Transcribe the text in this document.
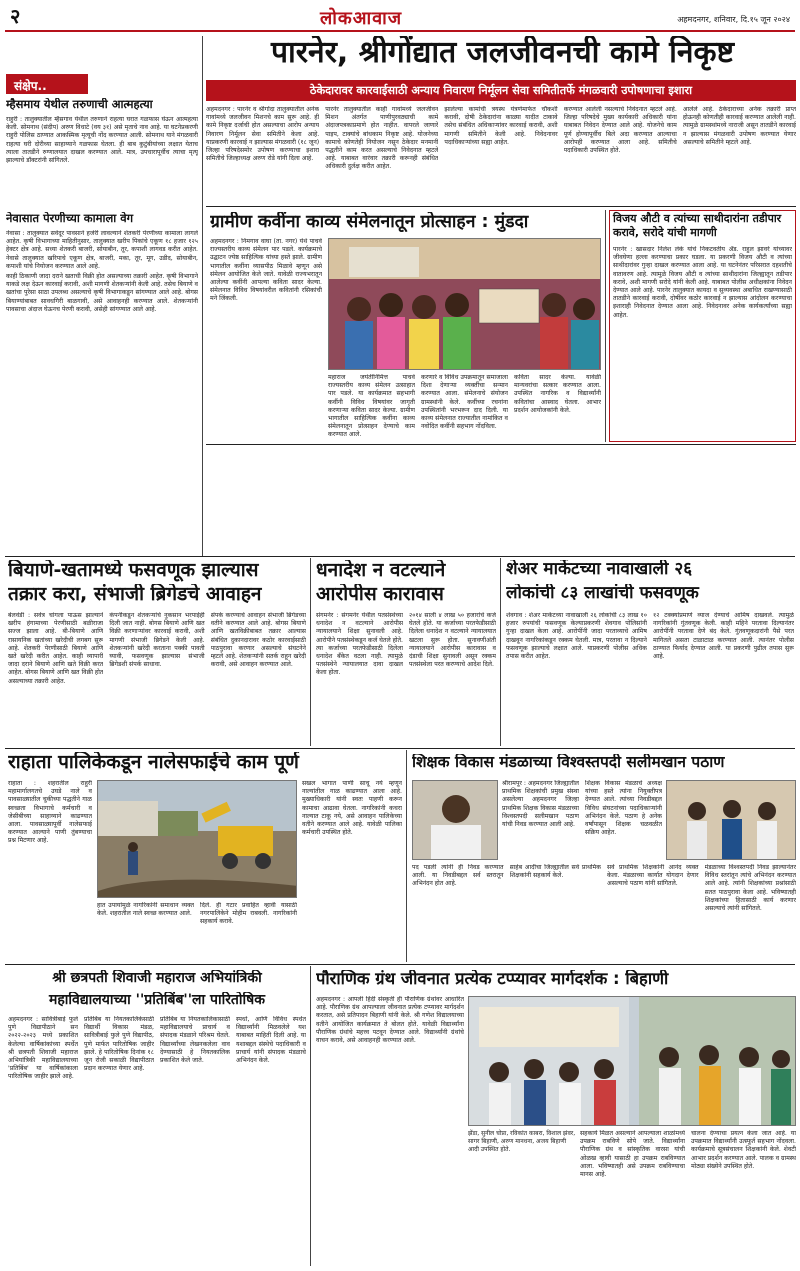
२	लोकआवाज	अहमदनगर, शनिवार, दि.१५ जून २०२४
संक्षेप..
म्हैसमाय येथील तरुणाची आत्महत्या
राहुरी : तालुक्यातील म्हैसगाव येथील तरुणाने राहत्या घरात गळफास घेऊन आत्महत्या केली. सोमनाथ (संदीप) अरुण विधाटे (वय ३१) असे मृताचे नाव आहे. या घटनेप्रकरणी राहुरी पोलिस ठाण्यात आकस्मिक मृत्यूची नोंद करण्यात आली. सोमनाथ याने मंगळवारी राहत्या घरी दोरीच्या साहाय्याने गळफास घेतला. ही बाब कुटुंबीयांच्या लक्षात येताच त्याला तातडीने रुग्णालयात दाखल करण्यात आले. मात्र, उपचारापूर्वीच त्याचा मृत्यू झाल्याचे डॉक्टरांनी सांगितले.
नेवासात पेरणीच्या कामाला वेग

नेवासा : तालुक्यात सर्वदूर पावसाने हजेरी लावल्याने शेतकरी पेरणीच्या कामाला लागले आहेत. कृषी विभागाच्या माहितीनुसार, तालुक्यात खरीप पिकांचे एकूण १८ हजार १२५ हेक्टर क्षेत्र आहे. सध्या शेतकरी बाजरी, सोयाबीन, तूर, कपाशी लागवड करीत आहेत. नेवासे तालुक्यात खरिपाचे एकूण क्षेत्र, बाजरी, मका, तूर, मूग, उडीद, सोयाबीन, कपाशी यांचे नियोजन करण्यात आले आहे.

काही ठिकाणी जादा दराने खताची विक्री होत असल्याच्या तक्रारी आहेत. कृषी विभागाने याकडे लक्ष देऊन कारवाई करावी, अशी मागणी शेतकऱ्यांनी केली आहे. तसेच बियाणे व खतांचा पुरेसा साठा उपलब्ध असल्याचे कृषी विभागाकडून सांगण्यात आले आहे. बोगस बियाण्यांबाबत सावधगिरी बाळगावी, असे आवाहनही करण्यात आले. शेतकऱ्यांनी पावसाचा अंदाज घेऊनच पेरणी करावी, असेही सांगण्यात आले आहे.

पारनेर, श्रीगोंद्यात जलजीवनची कामे निकृष्ट
ठेकेदारावर कारवाईसाठी अन्याय निवारण निर्मूलन सेवा समितीतर्फे मंगळवारी उपोषणाचा इशारा
अहमदनगर : पारनेर व श्रीगोंदा तालुक्यातील अनेक गावांमध्ये जलजीवन मिशनचे काम सुरू आहे. ही कामे निकृष्ट दर्जाची होत असल्याचा आरोप अन्याय निवारण निर्मूलन सेवा समितीने केला आहे. याप्रकरणी कारवाई न झाल्यास मंगळवारी (१८ जून) जिल्हा परिषदेसमोर उपोषण करण्याचा इशारा समितीचे जिल्हाध्यक्ष अरुण रोडे यांनी दिला आहे.
पारनेर तालुक्यातील काही गावांमध्ये जलजीवन मिशन अंतर्गत पाणीपुरवठ्याची कामे अंदाजपत्रकाप्रमाणे होत नाहीत. वापरले जाणारे पाइप, टाक्यांचे बांधकाम निकृष्ट आहे. योजनेच्या कामाचे कोणतेही नियोजन नसून ठेकेदार मनमानी पद्धतीने काम करत असल्याचे निवेदनात म्हटले आहे. याबाबत वारंवार तक्रारी करूनही संबंधित अधिकारी दुर्लक्ष करीत आहेत.
झालेल्या कामांची त्रयस्थ यंत्रणेमार्फत चौकशी करावी, दोषी ठेकेदारांना काळ्या यादीत टाकावे तसेच संबंधित अधिकाऱ्यांवर कारवाई करावी, अशी मागणी समितीने केली आहे. निवेदनावर पदाधिकाऱ्यांच्या सह्या आहेत.
करण्यात आलेली नसल्याचे निवेदनात म्हटले आहे. जिल्हा परिषदेचे मुख्य कार्यकारी अधिकारी यांना याबाबत निवेदन देण्यात आले आहे. योजनेचे काम पूर्ण होण्यापूर्वीच बिले अदा करण्यात आल्याचा आरोपही करण्यात आला आहे. समितीचे पदाधिकारी उपस्थित होते.
आलेले आहे. ठेकेदाराच्या अनेक तक्रारी प्राप्त होऊनही कोणतीही कारवाई करण्यात आलेली नाही. त्यामुळे ग्रामस्थांमध्ये नाराजी असून तातडीने कारवाई न झाल्यास मंगळवारी उपोषण करण्यात येणार असल्याचे समितीने म्हटले आहे.
ग्रामीण कवींना काव्य संमेलनातून प्रोत्साहन : मुंडदा
अहमदनगर : निमगाव वाघा (ता. नगर) येथे पाचवे राज्यस्तरीय काव्य संमेलन पार पडले. कार्यक्रमाचे उद्घाटन ज्येष्ठ साहित्यिक यांच्या हस्ते झाले. ग्रामीण भागातील कवींना व्यासपीठ मिळावे म्हणून असे संमेलन आयोजित केले जाते. यावेळी राज्यभरातून आलेल्या कवींनी आपल्या कविता सादर केल्या. संमेलनात विविध विषयांवरील कवितांनी रसिकांची मने जिंकली.
महाराज जयंतीनिमित्त पाचवे राज्यस्तरीय काव्य संमेलन उत्साहात पार पडले. या कार्यक्रमात सहभागी कवींनी विविध विषयांवर जागृती करणाऱ्या कविता सादर केल्या. ग्रामीण भागातील साहित्यिक कवींना काव्य संमेलनातून प्रोत्साहन देण्याचे काम करण्यात आले.
करणारे व विविध उपक्रमातून समाजाला दिशा देणाऱ्या व्यक्तींचा सन्मान करण्यात आला. संमेलनाचे संयोजन ग्रामस्थांनी केले. कवींच्या रचनांना उपस्थितांनी भरभरून दाद दिली. या काव्य संमेलनात राज्यातील नामांकित व नवोदित कवींनी सहभाग नोंदविला.
कविता सादर केल्या. यावेळी मान्यवरांचा सत्कार करण्यात आला. उपस्थित नागरिक व विद्यार्थ्यांनी कवितांचा आस्वाद घेतला. आभार प्रदर्शन आयोजकांनी केले.
विजय औटी व त्यांच्या साथीदारांना तडीपार करावे, सरोदे यांची मागणी
पारनेर : खासदार निलेश लंके यांचे निकटवर्तीय ॲड. राहुल झावरे यांच्यावर जीवघेणा हल्ला करण्याचा प्रकार घडला. या प्रकरणी विजय औटी व त्यांच्या साथीदारांवर गुन्हा दाखल करण्यात आला आहे. या घटनेनंतर परिसरात दहशतीचे वातावरण आहे. त्यामुळे विजय औटी व त्यांच्या साथीदारांना जिल्ह्यातून तडीपार करावे, अशी मागणी सरोदे यांनी केली आहे. याबाबत पोलीस अधीक्षकांना निवेदन देण्यात आले आहे. पारनेर तालुक्यात कायदा व सुव्यवस्था अबाधित राखण्यासाठी तातडीने कारवाई करावी, दोषींवर कठोर कारवाई न झाल्यास आंदोलन करण्याचा इशाराही निवेदनात देण्यात आला आहे. निवेदनावर अनेक कार्यकर्त्यांच्या सह्या आहेत.
बियाणे-खतामध्ये फसवणूक झाल्यास
तक्रार करा, संभाजी ब्रिगेडचे आवाहन
बेलवंडी : सर्वत्र चांगला पाऊस झाल्याने खरीप हंगामाच्या पेरणीसाठी बळीराजा सज्ज झाला आहे. बी-बियाणे आणि रासायनिक खतांच्या खरेदीची लगबग सुरू आहे. शेतकरी पेरणीसाठी बियाणे आणि खते खरेदी करीत आहेत. काही व्यापारी जादा दराने बियाणे आणि खते विक्री करत आहेत. बोगस बियाणे आणि खत विक्री होत असल्याच्या तक्रारी आहेत.
कंपनीकडून शेतकऱ्यांचे नुकसान भरपाईही दिली जात नाही. बोगस बियाणे आणि खत विक्री करणाऱ्यांवर कारवाई करावी, अशी मागणी संभाजी ब्रिगेडने केली आहे. शेतकऱ्यांनी खरेदी करताना पक्की पावती घ्यावी, फसवणूक झाल्यास संभाजी ब्रिगेडशी संपर्क साधावा.
संपर्क करण्याचे आवाहन संभाजी ब्रिगेडच्या वतीने करण्यात आले आहे. बोगस बियाणे आणि खतविक्रीबाबत तक्रार आल्यास संबंधित दुकानदारावर कठोर कारवाईसाठी पाठपुरावा करणार असल्याचे संघटनेने म्हटले आहे. शेतकऱ्यांनी सतर्क राहून खरेदी करावी, असे आवाहन करण्यात आले.
धनादेश न वटल्याने
आरोपीस कारावास
संगमनेर : संगमनेर येथील पतसंस्थेच्या धनादेश न वटल्याने आरोपीस न्यायालयाने शिक्षा सुनावली आहे. आरोपीने पतसंस्थेकडून कर्ज घेतले होते. त्या कर्जाच्या परतफेडीसाठी दिलेला धनादेश बँकेत वटला नाही. त्यामुळे पतसंस्थेने न्यायालयात दावा दाखल केला होता.
२०१४ साली ४ लाख ५० हजारांचे कर्ज घेतले होते. या कर्जाच्या परतफेडीसाठी दिलेला धनादेश न वटल्याने न्यायालयात खटला सुरू होता. सुनावणीअंती न्यायालयाने आरोपीस कारावास व दंडाची शिक्षा सुनावली असून रक्कम पतसंस्थेला परत करण्याचे आदेश दिले.
शेअर मार्केटच्या नावाखाली २६
लोकांची ८३ लाखांची फसवणूक
शेवगाव : शेअर मार्केटच्या नावाखाली २६ लोकांची ८३ लाख १० हजार रुपयांची फसवणूक केल्याप्रकरणी शेवगाव पोलिसांनी गुन्हा दाखल केला आहे. आरोपींनी जादा परताव्याचे आमिष दाखवून नागरिकांकडून रक्कम घेतली. मात्र, परतावा न दिल्याने फसवणूक झाल्याचे लक्षात आले. याप्रकरणी पोलीस अधिक तपास करीत आहेत.
१२ टक्क्यांप्रमाणे व्याज देण्याचे आमिष दाखवले. त्यामुळे नागरिकांनी गुंतवणूक केली. काही महिने परतावा दिल्यानंतर आरोपींनी परतावा देणे बंद केले. गुंतवणूकदारांनी पैसे परत मागितले असता टाळाटाळ करण्यात आली. त्यानंतर पोलीस ठाण्यात फिर्याद देण्यात आली. या प्रकरणी पुढील तपास सुरू आहे.
राहाता पालिकेकडून नालेसफाईचे काम पूर्ण
राहाता : शहरातील राहुरी महामार्गालगतचे उघडे नाले व पावसाळ्यातील चुकीच्या पद्धतीने गाळ स्वच्छता विभागाचे कर्मचारी व जेसीबीच्या साहाय्याने काढण्यात आला. पावसाळ्यापूर्वी नालेसफाई करण्यात आल्याने पाणी तुंबण्याचा प्रश्न मिटणार आहे.
हात उपायांमुळे नागरिकांनी समाधान व्यक्त केले. शहरातील नाले स्वच्छ करण्यात आले.
दिले. ही गटार प्रवाहित व्हावी यासाठी नगरपालिकेने मोहीम राबवली. नागरिकांनी सहकार्य करावे.
सखल भागात पाणी साचू नये म्हणून नाल्यांतील गाळ काढण्यात आला आहे. मुख्याधिकारी यांनी स्वतः पाहणी करून कामाचा आढावा घेतला. नागरिकांनी कचरा नाल्यात टाकू नये, असे आवाहन पालिकेच्या वतीने करण्यात आले आहे. यावेळी पालिका कर्मचारी उपस्थित होते.
शिक्षक विकास मंडळाच्या विश्वस्तपदी सलीमखान पठाण
श्रीरामपूर : अहमदनगर जिल्ह्यातील प्राथमिक शिक्षकांची प्रमुख संस्था असलेल्या अहमदनगर जिल्हा प्राथमिक शिक्षक विकास मंडळाच्या विश्वस्तपदी सलीमखान पठाण यांची निवड करण्यात आली आहे.
शिक्षक विकास मंडळाचे अध्यक्ष यांच्या हस्ते त्यांना नियुक्तीपत्र देण्यात आले. त्यांच्या निवडीबद्दल विविध संघटनांच्या पदाधिकाऱ्यांनी अभिनंदन केले. पठाण हे अनेक वर्षांपासून शिक्षक चळवळीत सक्रिय आहेत.
पद पडली त्यांनी ही निवड करण्यात आली. या निवडीबद्दल सर्व स्तरातून अभिनंदन होत आहे.
साहेब आदींचा जिल्ह्यातील सर्व प्राथमिक शिक्षकांनी सहकार्य केले.
सर्व प्राथमिक शिक्षकांनी आनंद व्यक्त केला. मंडळाच्या कार्यात योगदान देणार असल्याचे पठाण यांनी सांगितले.
मंडळाच्या विश्वस्तपदी निवड झाल्यानंतर विविध स्तरांतून त्यांचे अभिनंदन करण्यात आले आहे. त्यांनी शिक्षकांच्या प्रश्नांसाठी सतत पाठपुरावा केला आहे. भविष्यातही शिक्षकांच्या हितासाठी कार्य करणार असल्याचे त्यांनी सांगितले.
श्री छत्रपती शिवाजी महाराज अभियांत्रिकी
महाविद्यालयाच्या ''प्रतिबिंब''ला पारितोषिक
अहमदनगर : सावित्रीबाई फुले पुणे विद्यापीठाने सन २०२२-२०२३ मध्ये प्रकाशित केलेल्या वार्षिकांकांच्या स्पर्धेत श्री छत्रपती शिवाजी महाराज अभियांत्रिकी महाविद्यालयाच्या 'प्रतिबिंब' या वार्षिकांकाला पारितोषिक जाहीर झाले आहे.
प्रतिबिंब या नियतकालिकेसाठी विद्यार्थी विकास मंडळ, सावित्रीबाई फुले पुणे विद्यापीठ, पुणे मार्फत पारितोषिक जाहीर झाले. हे पारितोषिक दिनांक १८ जून रोजी सकाळी विद्यापीठात प्रदान करण्यात येणार आहे.
प्रतिबिंब या नियतकालिकासाठी महाविद्यालयाचे प्राचार्य व संपादक मंडळाने परिश्रम घेतले. विद्यार्थ्यांच्या लेखनकलेला वाव देण्यासाठी हे नियतकालिक प्रकाशित केले जाते.
स्पर्धा, आणि विविध स्पर्धेत विद्यार्थ्यांनी मिळवलेले यश याबाबत माहिती दिली आहे. या यशाबद्दल संस्थेचे पदाधिकारी व प्राचार्य यांनी संपादक मंडळाचे अभिनंदन केले.
पौराणिक ग्रंथ जीवनात प्रत्येक टप्प्यावर मार्गदर्शक : बिहाणी
अहमदनगर : आपली हिंदी संस्कृती ही पौराणिक ग्रंथांवर आधारित आहे. पौराणिक ग्रंथ आपल्याला जीवनात प्रत्येक टप्प्यावर मार्गदर्शन करतात, असे प्रतिपादन बिहाणी यांनी केले. श्री गणेश विद्यालयाच्या वतीने आयोजित कार्यक्रमात ते बोलत होते. यावेळी विद्यार्थ्यांना पौराणिक ग्रंथांचे महत्त्व पटवून देण्यात आले. विद्यार्थ्यांनी ग्रंथांचे वाचन करावे, असे आवाहनही करण्यात आले.
झेंडा, सुनील चोप्रा, रविकांत काबरा, विशाल झंवर, सागर बिहाणी, अरुण मानधना, अजय बिहाणी आदी उपस्थित होते.
सहकार्य मिळत असल्याने आपल्याला शाळांमध्ये उपक्रम राबविणे सोपे जाते. विद्यार्थ्यांना पौराणिक ग्रंथ व सांस्कृतिक वारसा यांची ओळख व्हावी यासाठी हा उपक्रम राबविण्यात आला. भविष्यातही असे उपक्रम राबविण्याचा मानस आहे.
चालना देण्याचा प्रयत्न केला जात आहे. या उपक्रमात विद्यार्थ्यांनी उत्स्फूर्त सहभाग नोंदवला. कार्यक्रमाचे सूत्रसंचालन शिक्षकांनी केले. शेवटी आभार प्रदर्शन करण्यात आले. पालक व ग्रामस्थ मोठ्या संख्येने उपस्थित होते.
